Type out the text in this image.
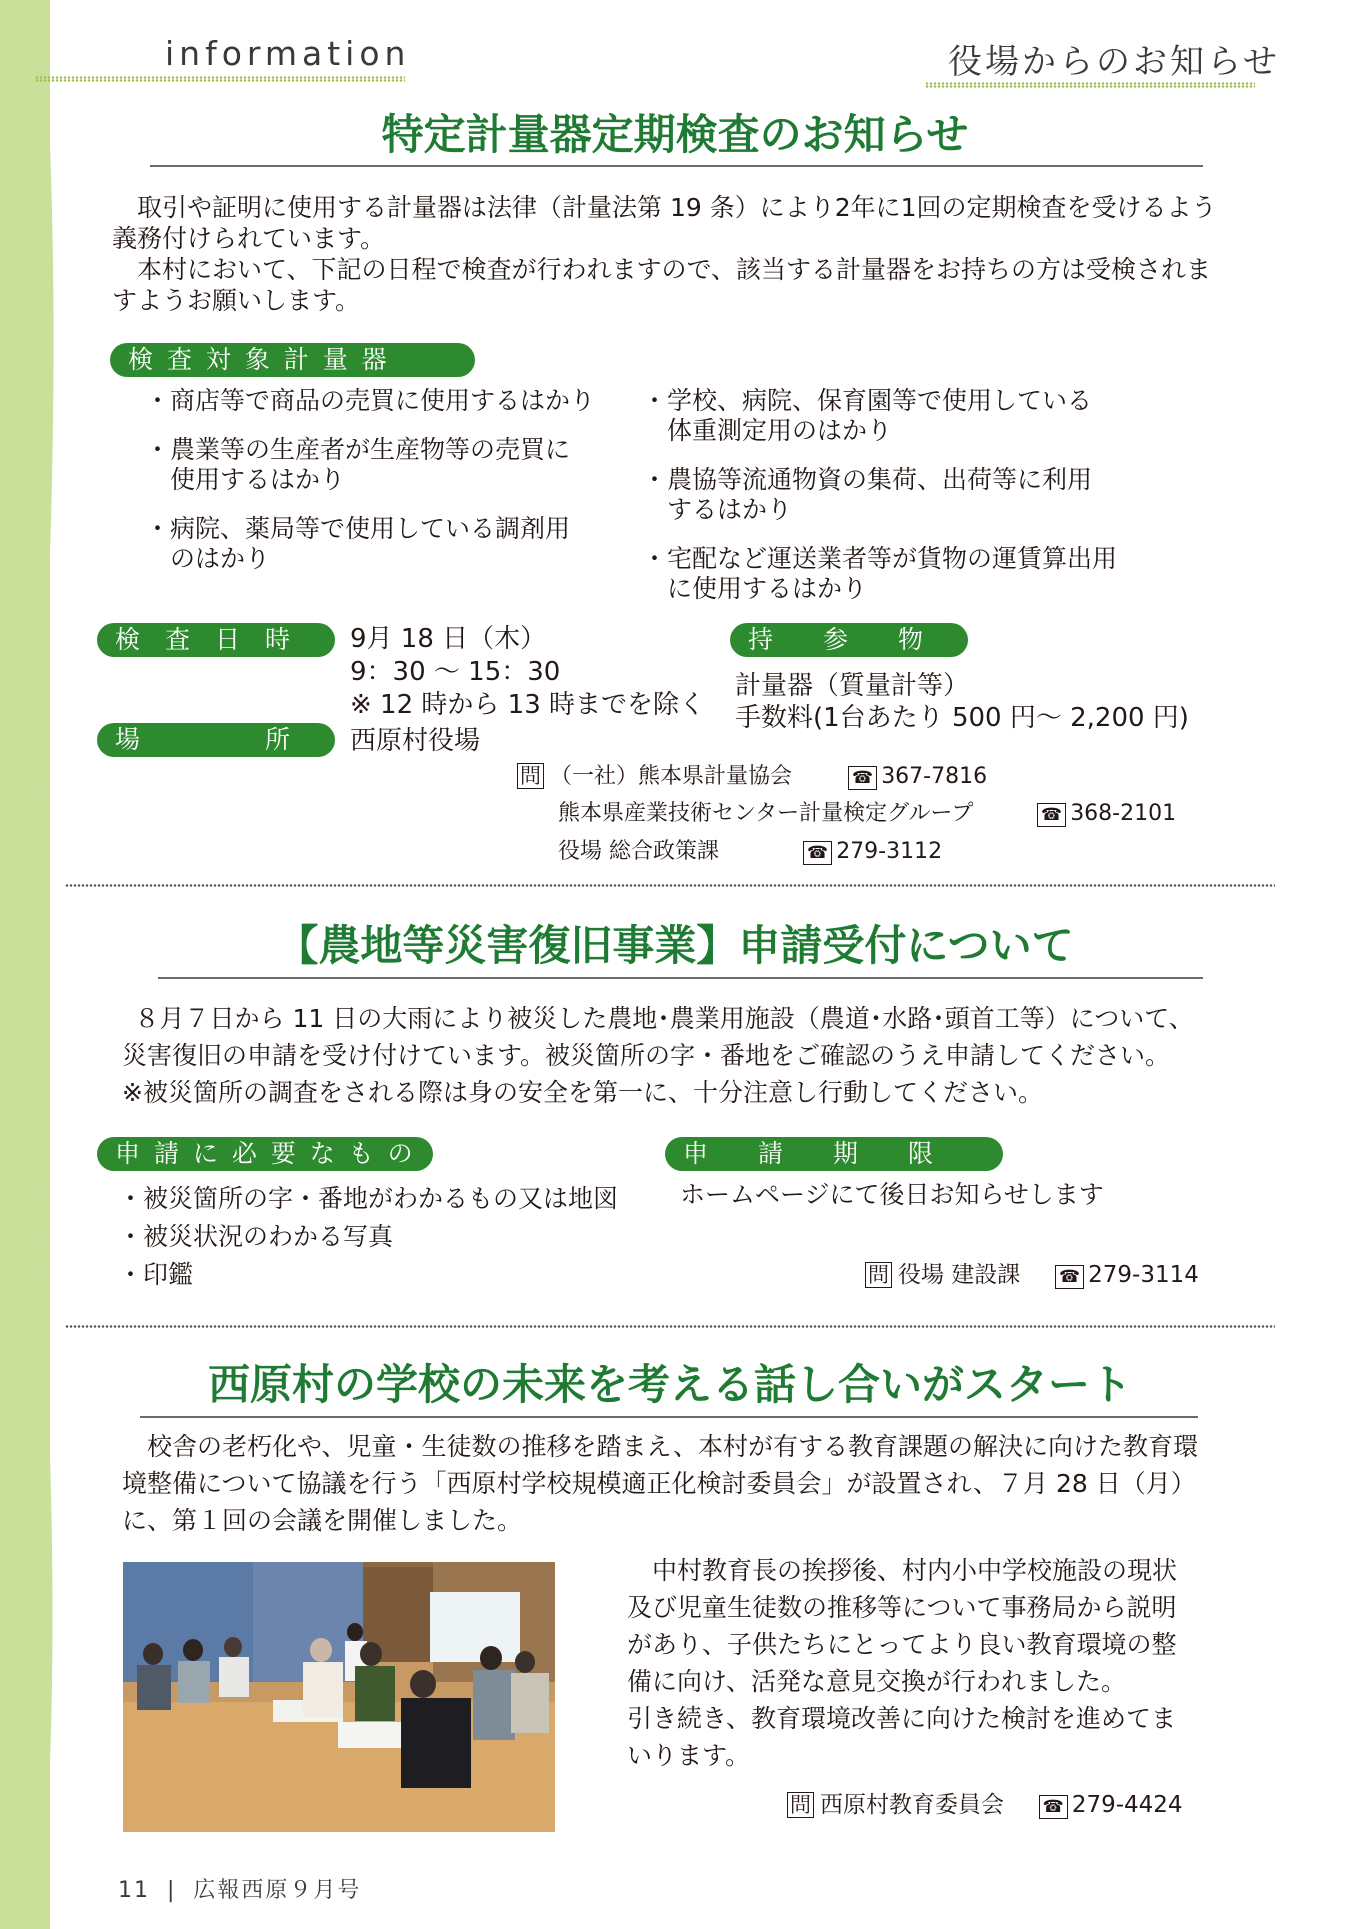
information	役場からのお知らせ
特定計量器定期検査のお知らせ

取引や証明に使用する計量器は法律（計量法第 19 条）により2年に1回の定期検査を受けるよう義務付けられています。

本村において、下記の日程で検査が行われますので、該当する計量器をお持ちの方は受検されますようお願いします。

検 査 対 象 計 量 器
・商店等で商品の売買に使用するはかり
・農業等の生産者が生産物等の売買に
　使用するはかり
・病院、薬局等で使用している調剤用
　のはかり
・学校、病院、保育園等で使用している
　体重測定用のはかり
・農協等流通物資の集荷、出荷等に利用
　するはかり
・宅配など運送業者等が貨物の運賃算出用
　に使用するはかり
検　査　日　時	9月 18 日（木）
9：30 ～ 15：30
※ 12 時から 13 時までを除く
場　　　　　所	西原村役場
持　　参　　物
計量器（質量計等）
手数料(1台あたり 500 円～ 2,200 円)
問 （一社）熊本県計量協会	☎ 367-7816
熊本県産業技術センター計量検定グループ	☎ 368-2101
役場 総合政策課	☎ 279-3112
【農地等災害復旧事業】申請受付について

８月７日から 11 日の大雨により被災した農地･農業用施設（農道･水路･頭首工等）について、

災害復旧の申請を受け付けています。被災箇所の字・番地をご確認のうえ申請してください。

※被災箇所の調査をされる際は身の安全を第一に、十分注意し行動してください。

申 請 に 必 要 な も の
・被災箇所の字・番地がわかるもの又は地図
・被災状況のわかる写真
・印鑑
申　　請　　期　　限
ホームページにて後日お知らせします
問 役場 建設課 ☎ 279-3114
西原村の学校の未来を考える話し合いがスタート

　校舎の老朽化や、児童・生徒数の推移を踏まえ、本村が有する教育課題の解決に向けた教育環

境整備について協議を行う「西原村学校規模適正化検討委員会」が設置され、７月 28 日（月）

に、第１回の会議を開催しました。

　中村教育長の挨拶後、村内小中学校施設の現状

及び児童生徒数の推移等について事務局から説明

があり、子供たちにとってより良い教育環境の整

備に向け、活発な意見交換が行われました。

引き続き、教育環境改善に向けた検討を進めてま

いります。

問 西原村教育委員会 ☎ 279-4424
11 | 広報西原９月号
